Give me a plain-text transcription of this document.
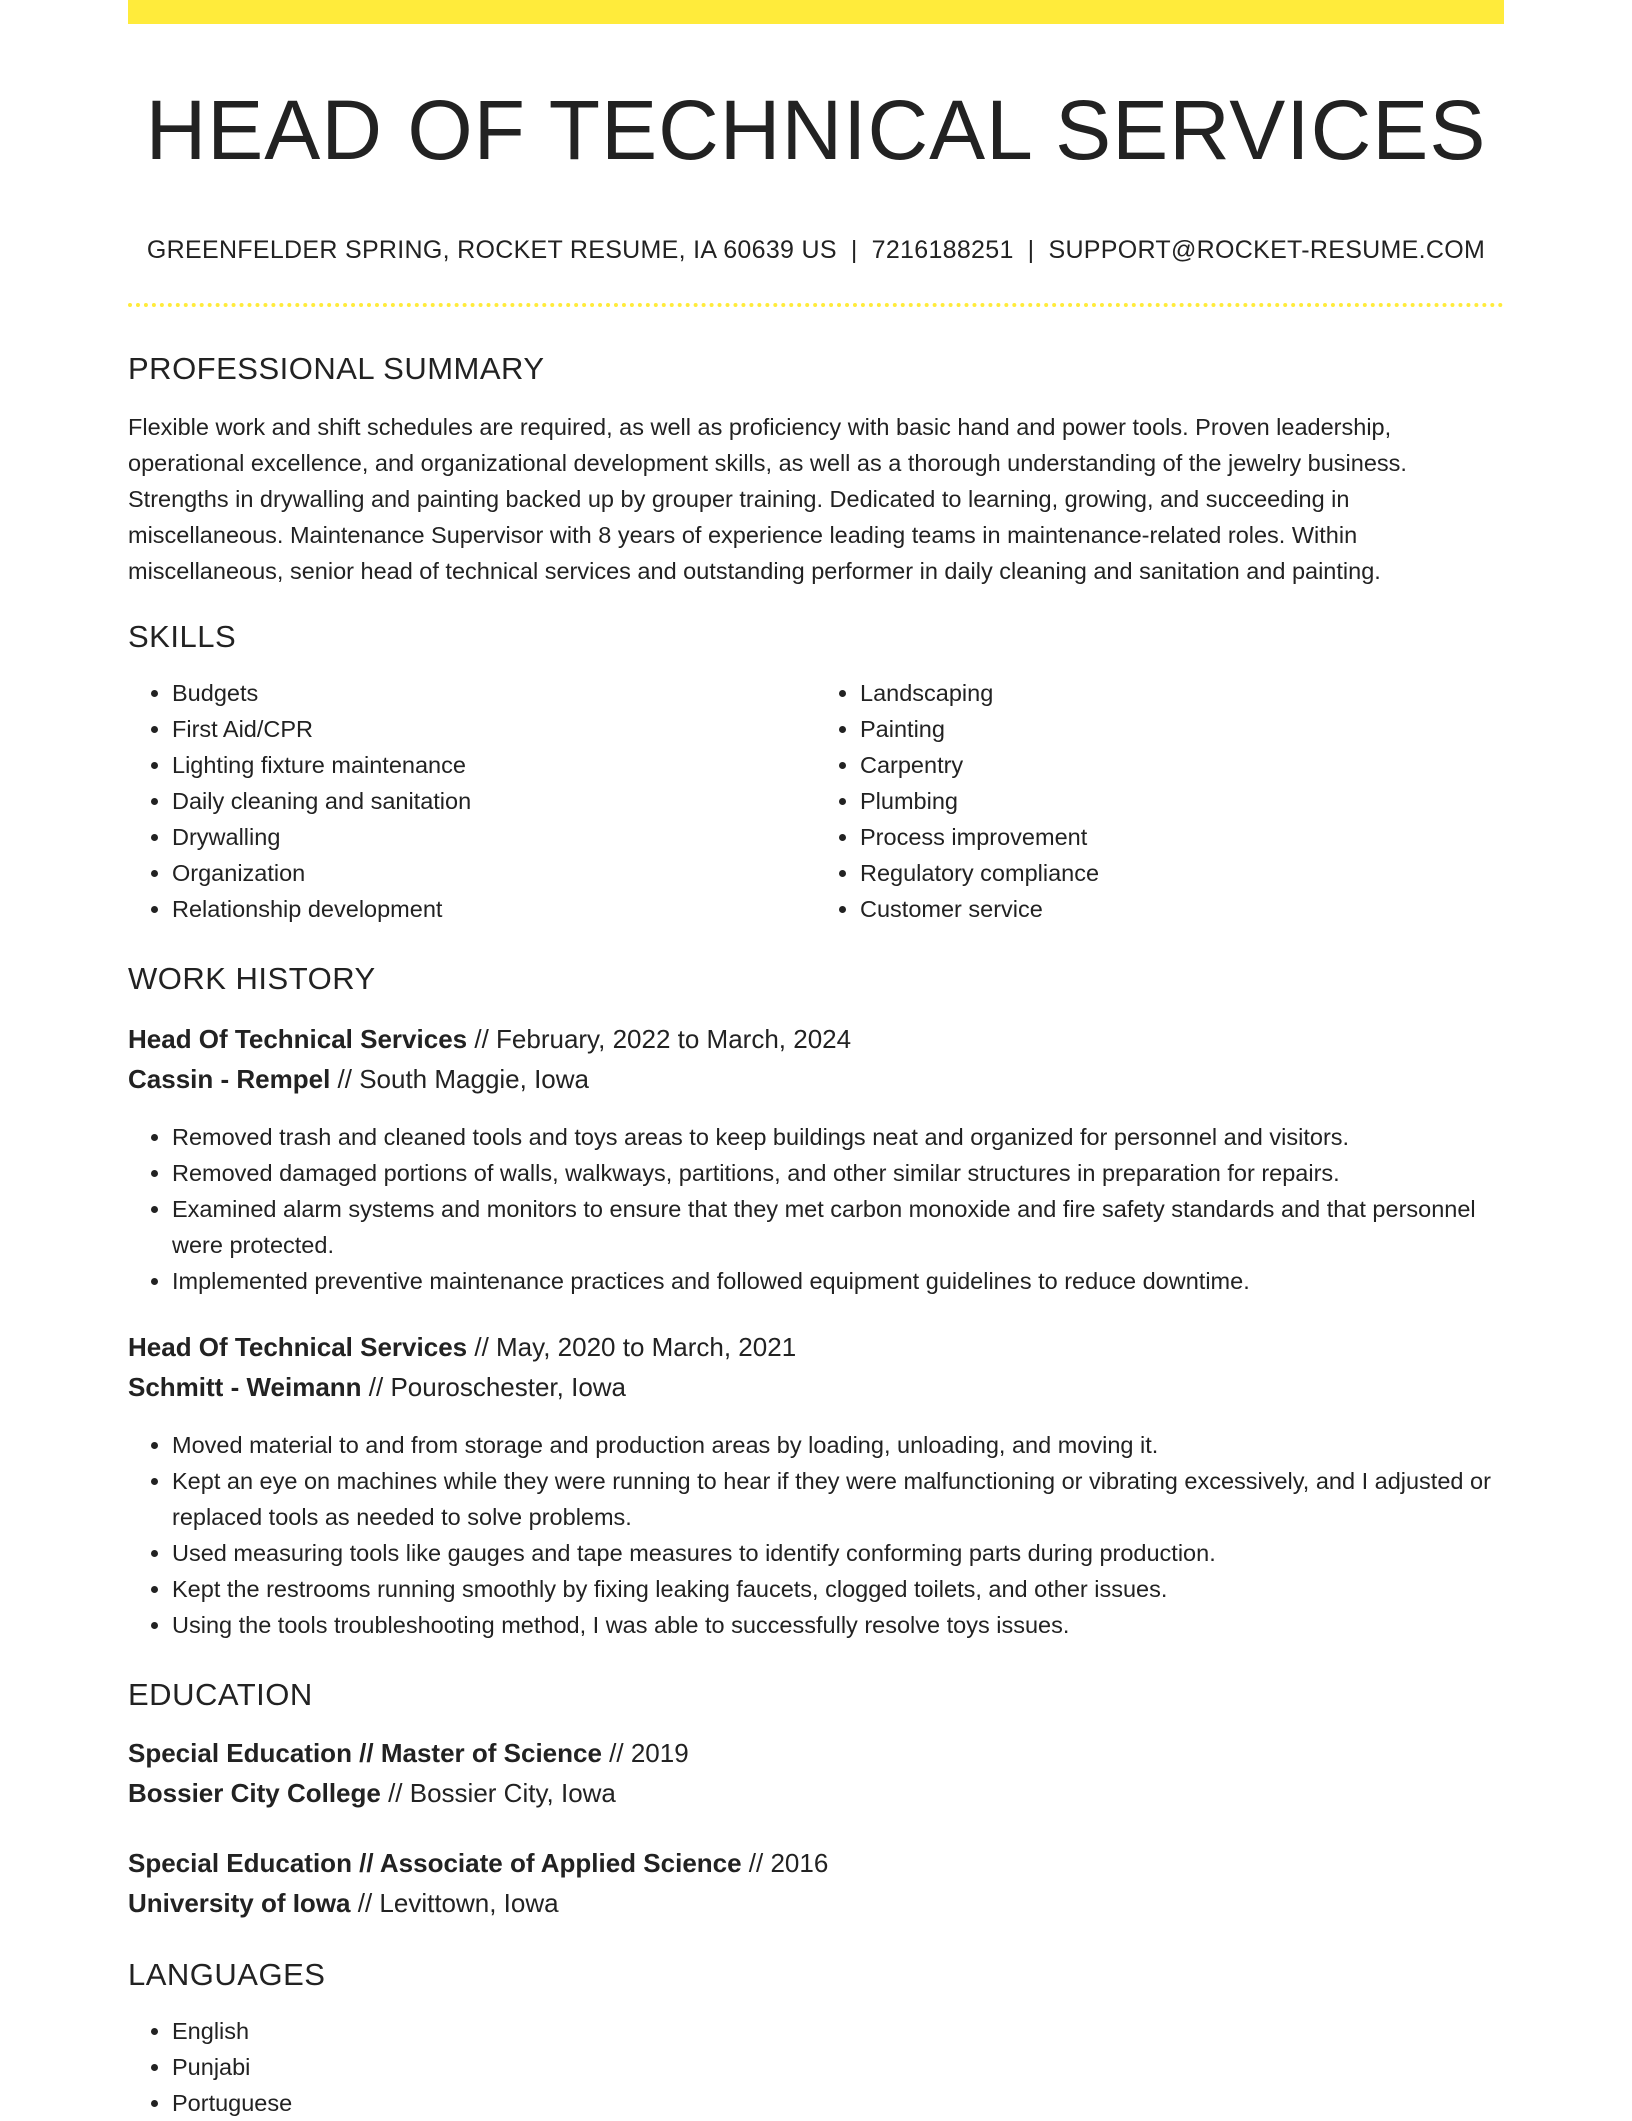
HEAD OF TECHNICAL SERVICES
GREENFELDER SPRING, ROCKET RESUME, IA 60639 US | 7216188251 | SUPPORT@ROCKET-RESUME.COM
PROFESSIONAL SUMMARY

Flexible work and shift schedules are required, as well as proficiency with basic hand and power tools. Proven leadership, operational excellence, and organizational development skills, as well as a thorough understanding of the jewelry business. Strengths in drywalling and painting backed up by grouper training. Dedicated to learning, growing, and succeeding in miscellaneous. Maintenance Supervisor with 8 years of experience leading teams in maintenance-related roles. Within miscellaneous, senior head of technical services and outstanding performer in daily cleaning and sanitation and painting.

SKILLS
• Budgets
• First Aid/CPR
• Lighting fixture maintenance
• Daily cleaning and sanitation
• Drywalling
• Organization
• Relationship development
• Landscaping
• Painting
• Carpentry
• Plumbing
• Process improvement
• Regulatory compliance
• Customer service
WORK HISTORY
Head Of Technical Services // February, 2022 to March, 2024
Cassin - Rempel // South Maggie, Iowa
• Removed trash and cleaned tools and toys areas to keep buildings neat and organized for personnel and visitors.
• Removed damaged portions of walls, walkways, partitions, and other similar structures in preparation for repairs.
• Examined alarm systems and monitors to ensure that they met carbon monoxide and fire safety standards and that personnel were protected.
• Implemented preventive maintenance practices and followed equipment guidelines to reduce downtime.
Head Of Technical Services // May, 2020 to March, 2021
Schmitt - Weimann // Pouroschester, Iowa
• Moved material to and from storage and production areas by loading, unloading, and moving it.
• Kept an eye on machines while they were running to hear if they were malfunctioning or vibrating excessively, and I adjusted or replaced tools as needed to solve problems.
• Used measuring tools like gauges and tape measures to identify conforming parts during production.
• Kept the restrooms running smoothly by fixing leaking faucets, clogged toilets, and other issues.
• Using the tools troubleshooting method, I was able to successfully resolve toys issues.
EDUCATION
Special Education // Master of Science // 2019
Bossier City College // Bossier City, Iowa
Special Education // Associate of Applied Science // 2016
University of Iowa // Levittown, Iowa
LANGUAGES
• English
• Punjabi
• Portuguese
